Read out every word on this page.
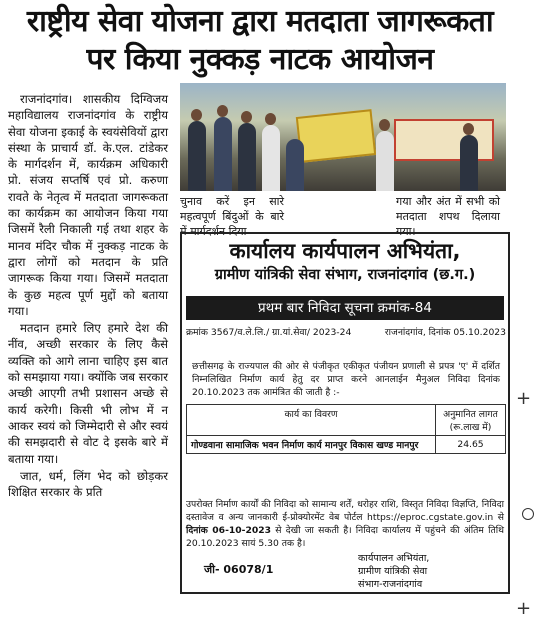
राष्ट्रीय सेवा योजना द्वारा मतदाता जागरूकता
पर किया नुक्कड़ नाटक आयोजन

राजनांदगांव। शासकीय दिग्विजय महाविद्यालय राजनांदगांव के राष्ट्रीय सेवा योजना इकाई के स्वयंसेवियों द्वारा संस्था के प्राचार्य डॉ. के.एल. टांडेकर के मार्गदर्शन में, कार्यक्रम अधिकारी प्रो. संजय सप्तर्षि एवं प्रो. करुणा रावते के नेतृत्व में मतदाता जागरूकता का कार्यक्रम का आयोजन किया गया जिसमें रैली निकाली गई तथा शहर के मानव मंदिर चौक में नुक्कड़ नाटक के द्वारा लोगों को मतदान के प्रति जागरूक किया गया। जिसमें मतदाता के कुछ महत्व पूर्ण मुद्दों को बताया गया।

मतदान हमारे लिए हमारे देश की नींव, अच्छी सरकार के लिए कैसे व्यक्ति को आगे लाना चाहिए इस बात को समझाया गया। क्योंकि जब सरकार अच्छी आएगी तभी प्रशासन अच्छे से कार्य करेगी। किसी भी लोभ में न आकर स्वयं को जिम्मेदारी से और स्वयं की समझदारी से वोट दे इसके बारे में बताया गया।

जात, धर्म, लिंग भेद को छोड़कर शिक्षित सरकार के प्रति

चुनाव करें इन सारे महत्वपूर्ण बिंदुओं के बारे में मार्गदर्शन दिया
गया और अंत में सभी को मतदाता शपथ दिलाया गया।
कार्यालय कार्यपालन अभियंता,
ग्रामीण यांत्रिकी सेवा संभाग, राजनांदगांव (छ.ग.)
प्रथम बार निविदा सूचना क्रमांक-84
क्रमांक 3567/व.ले.लि./ ग्रा.यां.सेवा/ 2023-24	राजनांदगांव, दिनांक 05.10.2023
छत्तीसगढ़ के राज्यपाल की ओर से पंजीकृत एकीकृत पंजीयन प्रणाली से प्रपत्र 'ए' में दर्शित निम्नलिखित निर्माण कार्य हेतु दर प्राप्त करने आनलाईन मैनुअल निविदा दिनांक 20.10.2023 तक आमंत्रित की जाती है :-
कार्य का विवरण	अनुमानित लागत (रू.लाख में)
गोण्डवाना सामाजिक भवन निर्माण कार्य मानपुर विकास खण्ड मानपुर	24.65
उपरोक्त निर्माण कार्यों की निविदा को सामान्य शर्तें, धरोहर राशि, विस्तृत निविदा विज्ञप्ति, निविदा दस्तावेज व अन्य जानकारी ई-प्रोक्योरमेंट वेब पोर्टल https://eproc.cgstate.gov.in से दिनांक 06-10-2023 से देखी जा सकती है। निविदा कार्यालय में पहुंचने की अंतिम तिथि 20.10.2023 सायं 5.30 तक है।
जी- 06078/1
कार्यपालन अभियंता,
ग्रामीण यांत्रिकी सेवा
संभाग-राजनांदगांव
+
+
